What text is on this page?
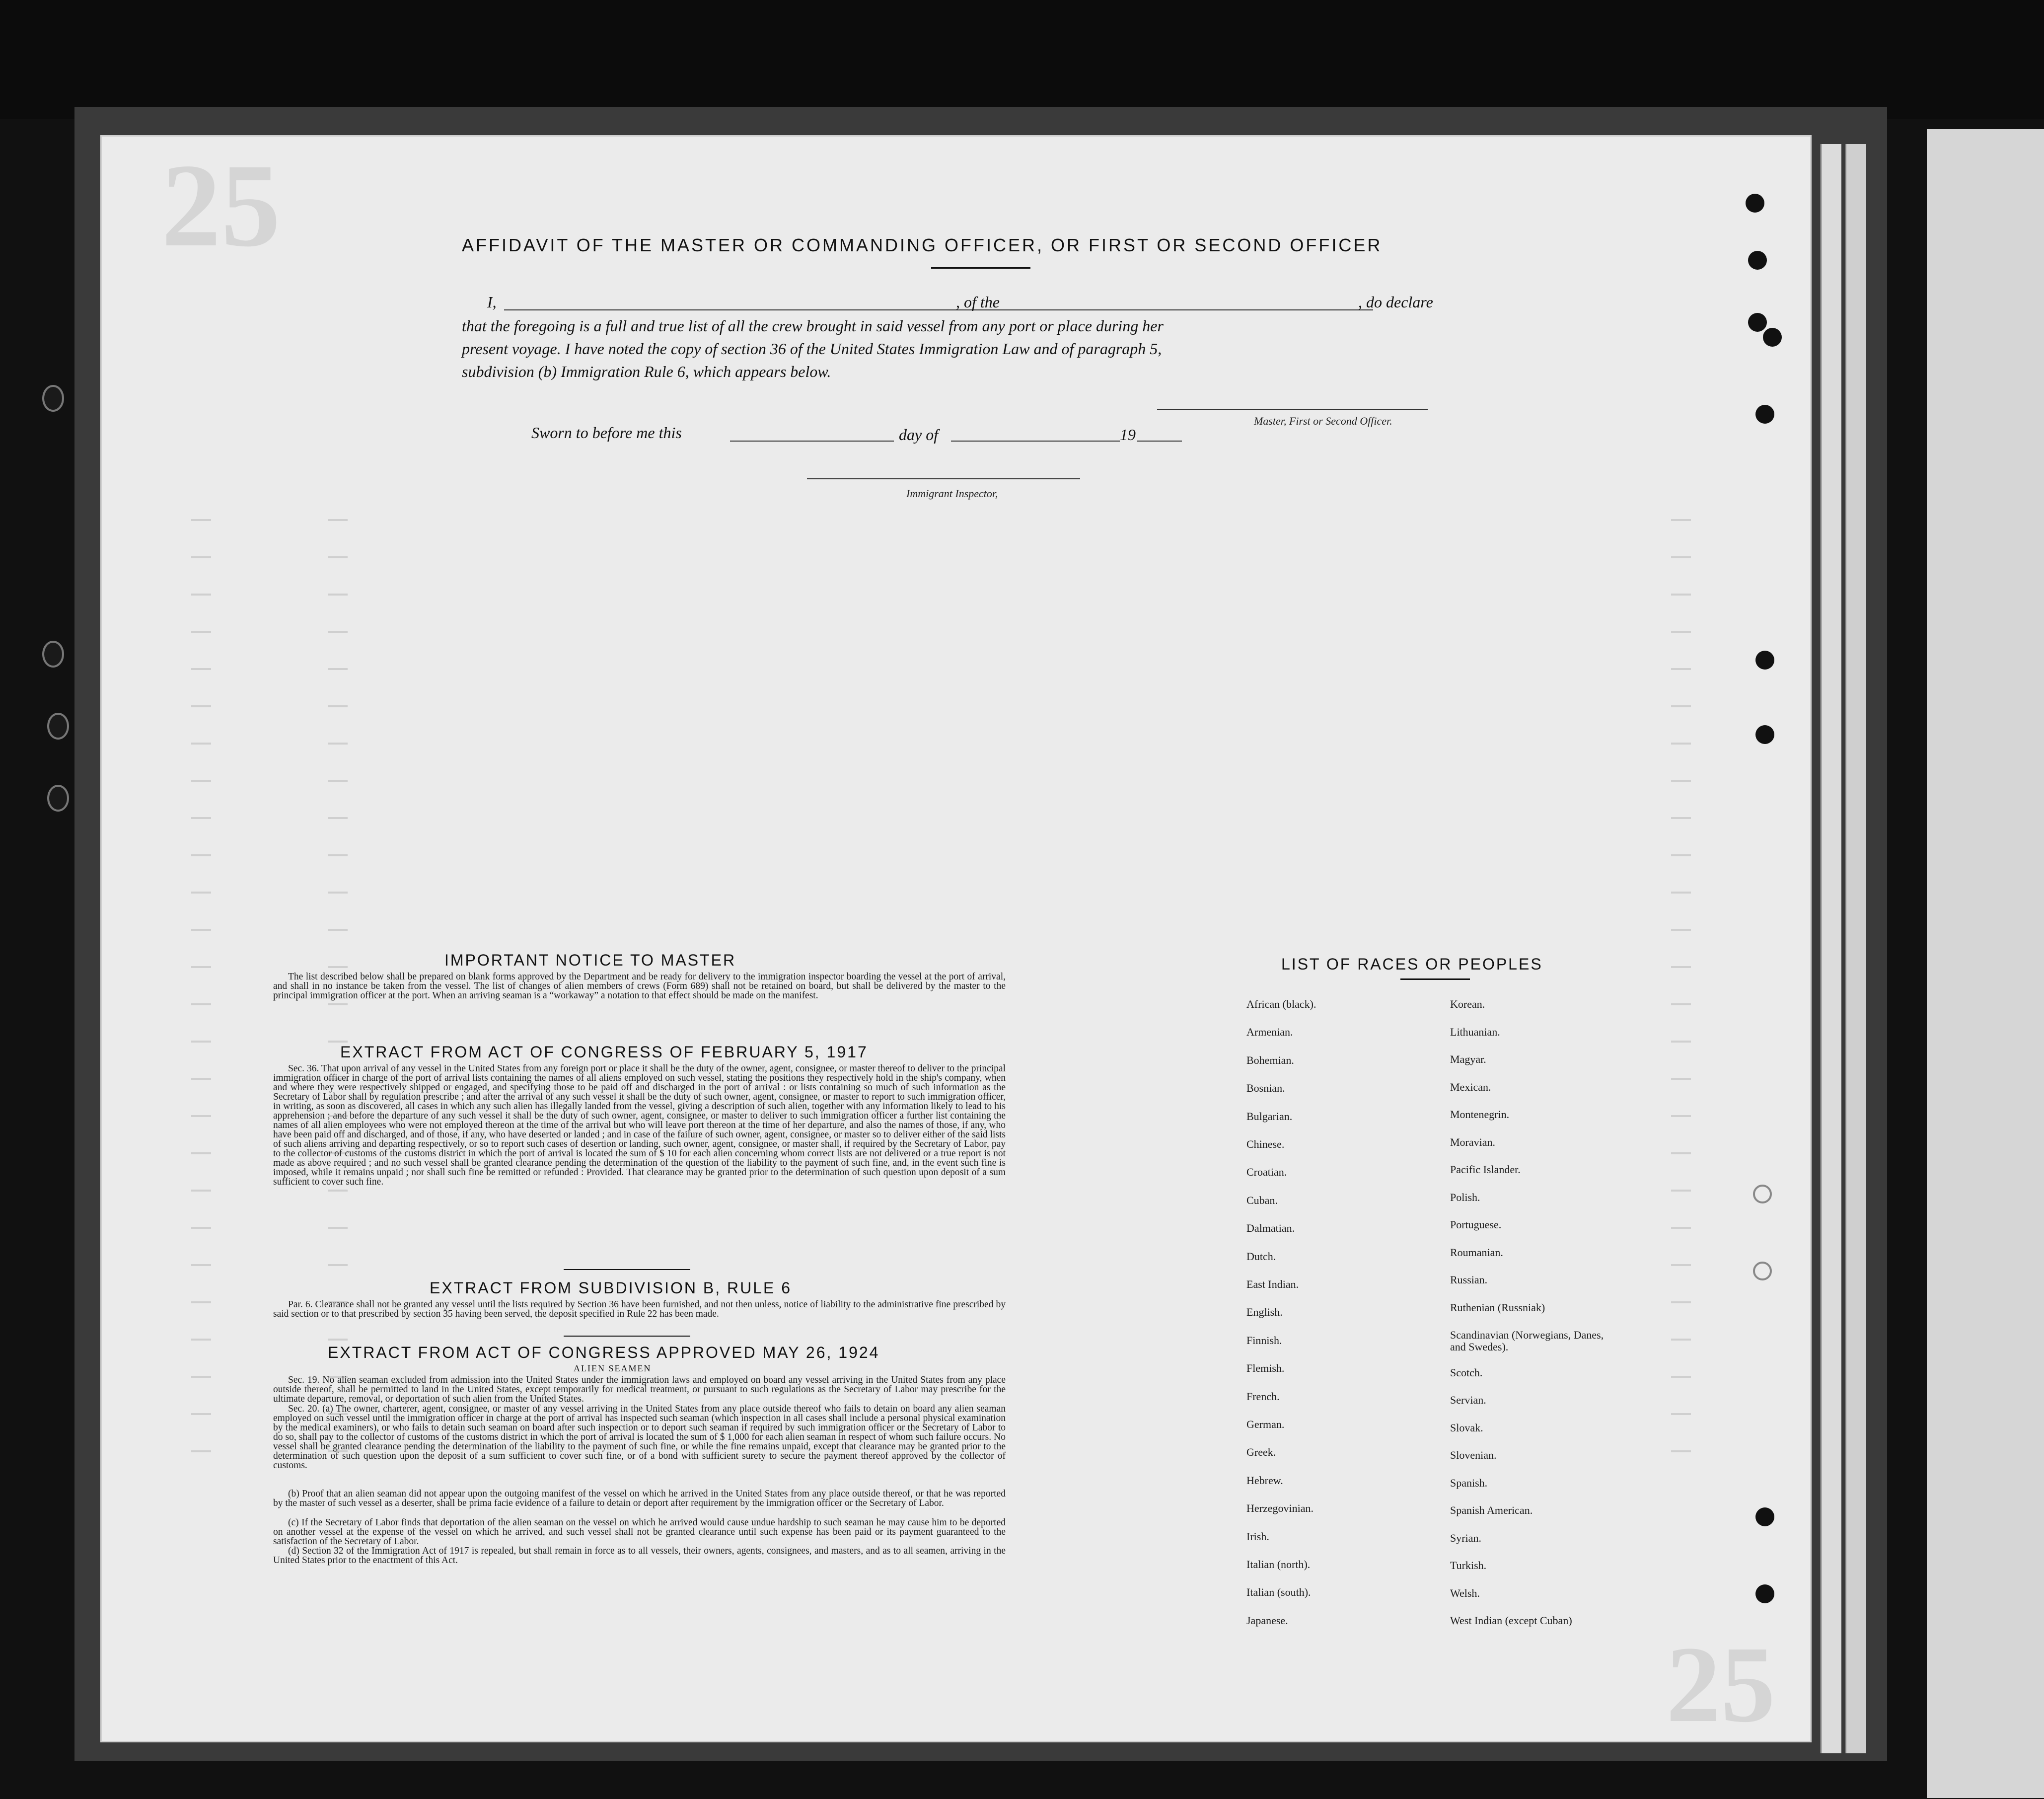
25
25
AFFIDAVIT OF THE MASTER OR COMMANDING OFFICER, OR FIRST OR SECOND OFFICER
I,	, of the	, do declare
that the foregoing is a full and true list of all the crew brought in said vessel from any port or place during her
present voyage. I have noted the copy of section 36 of the United States Immigration Law and of paragraph 5,
subdivision (b) Immigration Rule 6, which appears below.
Master, First or Second Officer.
Sworn to before me this	day of	19
Immigrant Inspector,
IMPORTANT NOTICE TO MASTER
The list described below shall be prepared on blank forms approved by the Department and be ready for delivery to the immigration inspector boarding the vessel at the port of arrival, and shall in no instance be taken from the vessel. The list of changes of alien members of crews (Form 689) shall not be retained on board, but shall be delivered by the master to the principal immigration officer at the port. When an arriving seaman is a “workaway” a notation to that effect should be made on the manifest.
EXTRACT FROM ACT OF CONGRESS OF FEBRUARY 5, 1917
Sec. 36. That upon arrival of any vessel in the United States from any foreign port or place it shall be the duty of the owner, agent, consignee, or master thereof to deliver to the principal immigration officer in charge of the port of arrival lists containing the names of all aliens employed on such vessel, stating the positions they respectively hold in the ship's company, when and where they were respectively shipped or engaged, and specifying those to be paid off and discharged in the port of arrival : or lists containing so much of such information as the Secretary of Labor shall by regulation prescribe ; and after the arrival of any such vessel it shall be the duty of such owner, agent, consignee, or master to report to such immigration officer, in writing, as soon as discovered, all cases in which any such alien has illegally landed from the vessel, giving a description of such alien, together with any information likely to lead to his apprehension ; and before the departure of any such vessel it shall be the duty of such owner, agent, consignee, or master to deliver to such immigration officer a further list containing the names of all alien employees who were not employed thereon at the time of the arrival but who will leave port thereon at the time of her departure, and also the names of those, if any, who have been paid off and discharged, and of those, if any, who have deserted or landed ; and in case of the failure of such owner, agent, consignee, or master so to deliver either of the said lists of such aliens arriving and departing respectively, or so to report such cases of desertion or landing, such owner, agent, consignee, or master shall, if required by the Secretary of Labor, pay to the collector of customs of the customs district in which the port of arrival is located the sum of $ 10 for each alien concerning whom correct lists are not delivered or a true report is not made as above required ; and no such vessel shall be granted clearance pending the determination of the question of the liability to the payment of such fine, and, in the event such fine is imposed, while it remains unpaid ; nor shall such fine be remitted or refunded : Provided. That clearance may be granted prior to the determination of such question upon deposit of a sum sufficient to cover such fine.
EXTRACT FROM SUBDIVISION B, RULE 6
Par. 6. Clearance shall not be granted any vessel until the lists required by Section 36 have been furnished, and not then unless, notice of liability to the administrative fine prescribed by said section or to that prescribed by section 35 having been served, the deposit specified in Rule 22 has been made.
EXTRACT FROM ACT OF CONGRESS APPROVED MAY 26, 1924
ALIEN SEAMEN
Sec. 19. No alien seaman excluded from admission into the United States under the immigration laws and employed on board any vessel arriving in the United States from any place outside thereof, shall be permitted to land in the United States, except temporarily for medical treatment, or pursuant to such regulations as the Secretary of Labor may prescribe for the ultimate departure, removal, or deportation of such alien from the United States.
Sec. 20. (a) The owner, charterer, agent, consignee, or master of any vessel arriving in the United States from any place outside thereof who fails to detain on board any alien seaman employed on such vessel until the immigration officer in charge at the port of arrival has inspected such seaman (which inspection in all cases shall include a personal physical examination by the medical examiners), or who fails to detain such seaman on board after such inspection or to deport such seaman if required by such immigration officer or the Secretary of Labor to do so, shall pay to the collector of customs of the customs district in which the port of arrival is located the sum of $ 1,000 for each alien seaman in respect of whom such failure occurs. No vessel shall be granted clearance pending the determination of the liability to the payment of such fine, or while the fine remains unpaid, except that clearance may be granted prior to the determination of such question upon the deposit of a sum sufficient to cover such fine, or of a bond with sufficient surety to secure the payment thereof approved by the collector of customs.
(b) Proof that an alien seaman did not appear upon the outgoing manifest of the vessel on which he arrived in the United States from any place outside thereof, or that he was reported by the master of such vessel as a deserter, shall be prima facie evidence of a failure to detain or deport after requirement by the immigration officer or the Secretary of Labor.
(c) If the Secretary of Labor finds that deportation of the alien seaman on the vessel on which he arrived would cause undue hardship to such seaman he may cause him to be deported on another vessel at the expense of the vessel on which he arrived, and such vessel shall not be granted clearance until such expense has been paid or its payment guaranteed to the satisfaction of the Secretary of Labor.
(d) Section 32 of the Immigration Act of 1917 is repealed, but shall remain in force as to all vessels, their owners, agents, consignees, and masters, and as to all seamen, arriving in the United States prior to the enactment of this Act.
LIST OF RACES OR PEOPLES
African (black).
Armenian.
Bohemian.
Bosnian.
Bulgarian.
Chinese.
Croatian.
Cuban.
Dalmatian.
Dutch.
East Indian.
English.
Finnish.
Flemish.
French.
German.
Greek.
Hebrew.
Herzegovinian.
Irish.
Italian (north).
Italian (south).
Japanese.
Korean.
Lithuanian.
Magyar.
Mexican.
Montenegrin.
Moravian.
Pacific Islander.
Polish.
Portuguese.
Roumanian.
Russian.
Ruthenian (Russniak)
Scandinavian (Norwegians, Danes, and Swedes).
Scotch.
Servian.
Slovak.
Slovenian.
Spanish.
Spanish American.
Syrian.
Turkish.
Welsh.
West Indian (except Cuban)
